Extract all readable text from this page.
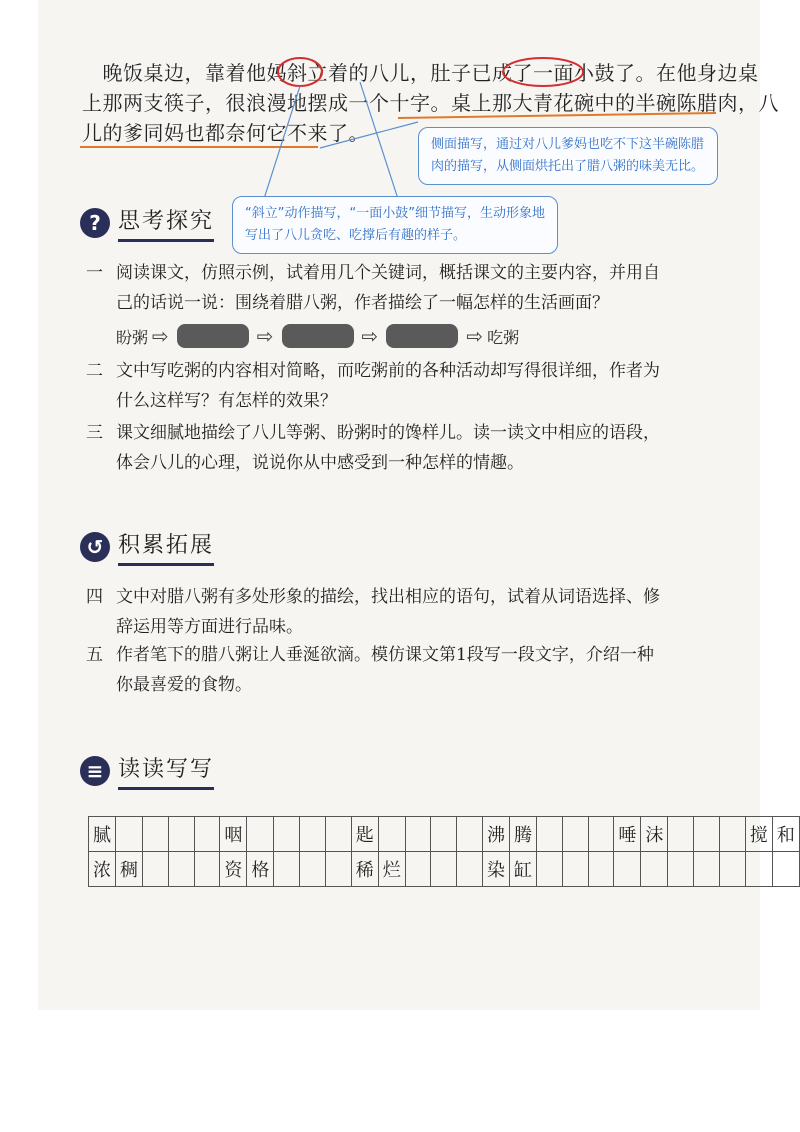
　晚饭桌边，靠着他妈斜立着的八儿，肚子已成了一面小鼓了。在他身边桌
上那两支筷子，很浪漫地摆成一个十字。桌上那大青花碗中的半碗陈腊肉，八
儿的爹同妈也都奈何它不来了。	侧面描写，通过对八儿爹妈也吃不下这半碗陈腊肉的描写，从侧面烘托出了腊八粥的味美无比。
“斜立”动作描写，“一面小鼓”细节描写，生动形象地写出了八儿贪吃、吃撑后有趣的样子。
? 思考探究
一 阅读课文，仿照示例，试着用几个关键词，概括课文的主要内容，并用自
己的话说一说：围绕着腊八粥，作者描绘了一幅怎样的生活画面？
盼粥 ⇨	⇨	⇨	⇨ 吃粥
二 文中写吃粥的内容相对简略，而吃粥前的各种活动却写得很详细，作者为
什么这样写？有怎样的效果？
三 课文细腻地描绘了八儿等粥、盼粥时的馋样儿。读一读文中相应的语段，
体会八儿的心理，说说你从中感受到一种怎样的情趣。
↺ 积累拓展
四 文中对腊八粥有多处形象的描绘，找出相应的语句，试着从词语选择、修
辞运用等方面进行品味。
五 作者笔下的腊八粥让人垂涎欲滴。模仿课文第1段写一段文字，介绍一种
你最喜爱的食物。
≡ 读读写写
腻					咽					匙					沸	腾				唾	沫				搅	和
浓	稠				资	格				稀	烂				染	缸										
